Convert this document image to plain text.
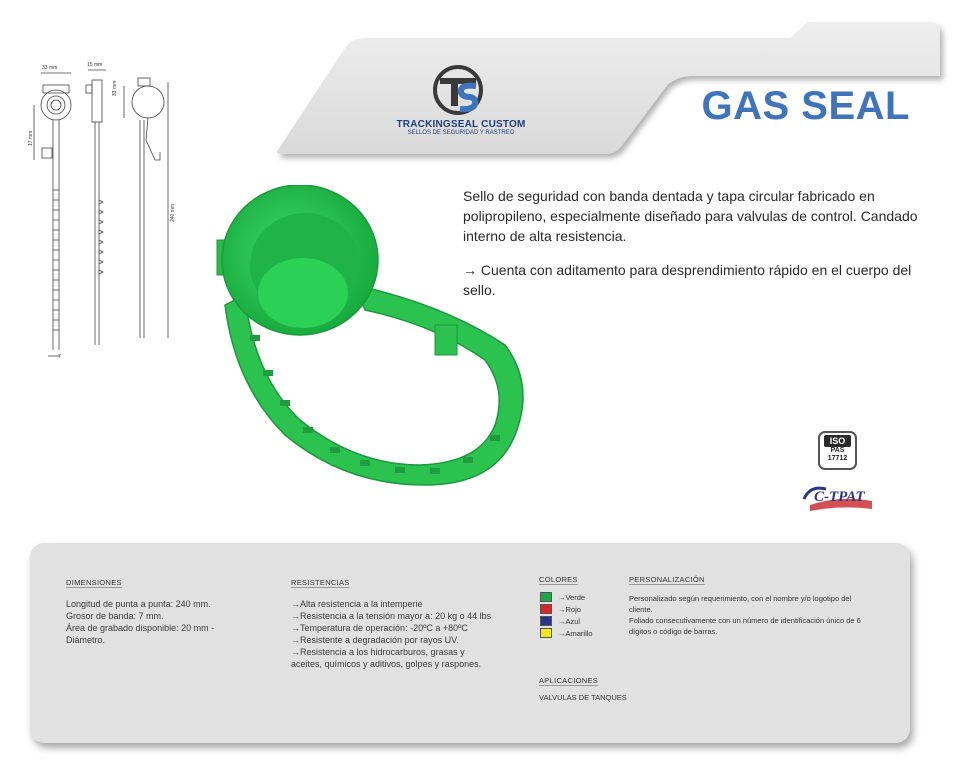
TRACKINGSEAL CUSTOM
SELLOS DE SEGURIDAD Y RASTREO
GAS SEAL
33 mm	15 mm
33 mm
17 mm
240 mm
7

Sello de seguridad con banda dentada y tapa circular fabricado en polipropileno, especialmente diseñado para valvulas de control. Candado interno de alta resistencia.

→ Cuenta con aditamento para desprendimiento rápido en el cuerpo del sello.

ISO
PAS
17712
C-TPAT
DIMENSIONES
Longitud de punta a punta: 240 mm.
Grosor de banda: 7 mm.
Área de grabado disponible: 20 mm -
Diámetro.
RESISTENCIAS
→Alta resistencia a la intemperie
→Resistencia a la tensión mayor a: 20 kg o 44 lbs
→Temperatura de operación: -20ºC a +80ºC
→Resistente a degradación por rayos UV.
→Resistencia a los hidrocarburos, grasas y
aceites, químicos y aditivos, golpes y raspones.
COLORES
→Verde
→Rojo
→Azul
→Amarillo
PERSONALIZACIÓN
Personalizado según requerimiento, con el nombre y/o logotipo del
cliente.
Foliado consecutivamente con un número de identificación único de 6
dígitos o código de barras.
APLICACIONES
VALVULAS DE TANQUES
